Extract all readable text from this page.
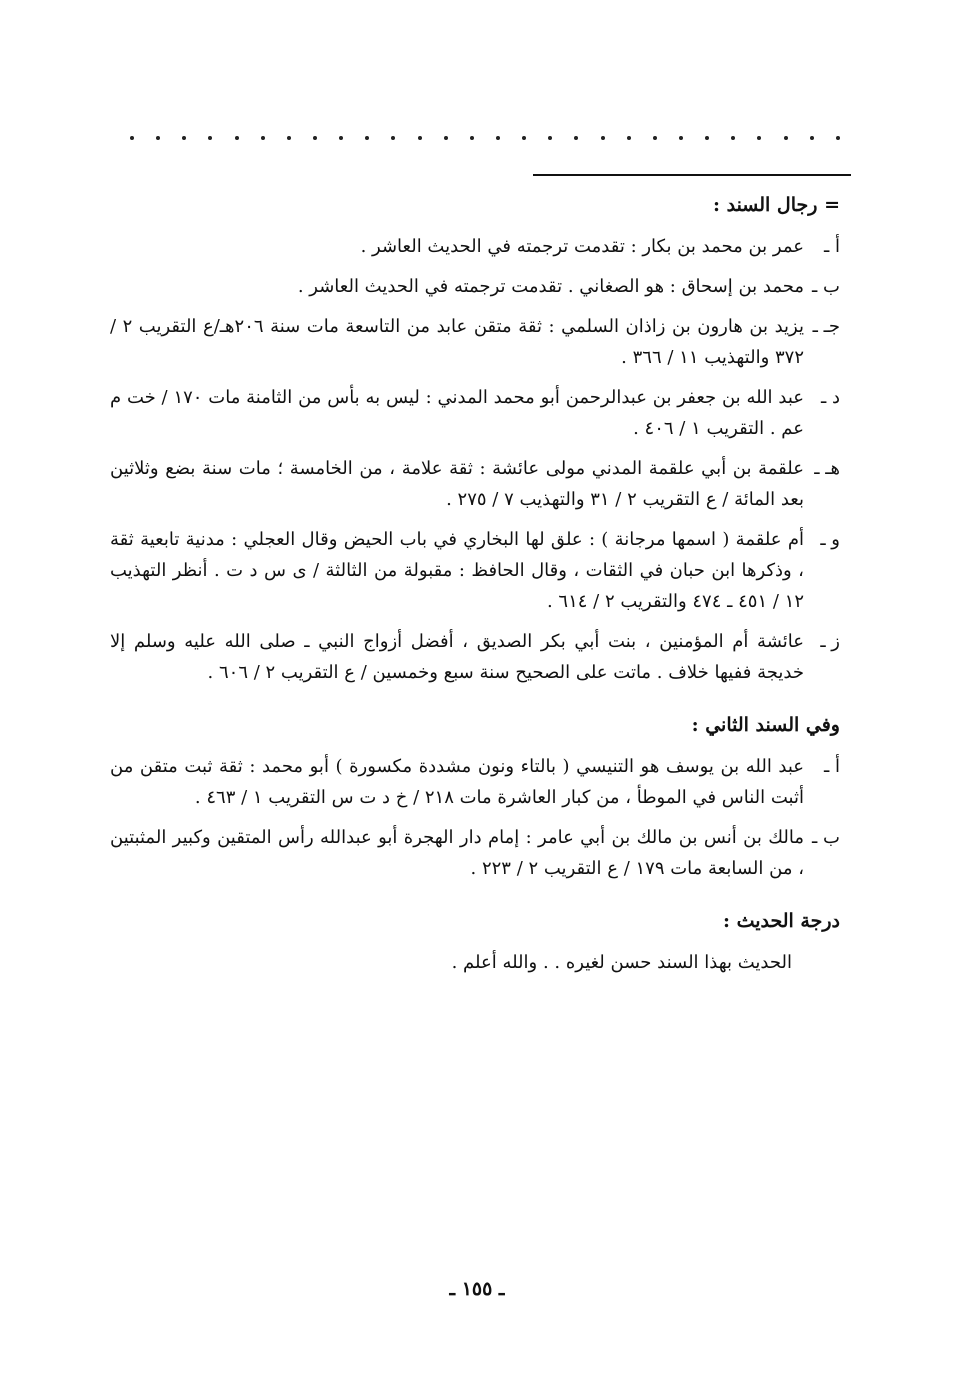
= رجال السند :
أ ـ
عمر بن محمد بن بكار : تقدمت ترجمته في الحديث العاشر .
ب ـ
محمد بن إسحاق : هو الصغاني . تقدمت ترجمته في الحديث العاشر .
جـ ـ
يزيد بن هارون بن زاذان السلمي : ثقة متقن عابد من التاسعة مات سنة ٢٠٦هـ/ع التقريب ٢ / ٣٧٢ والتهذيب ١١ / ٣٦٦ .
د ـ
عبد الله بن جعفر بن عبدالرحمن أبو محمد المدني : ليس به بأس من الثامنة مات ١٧٠ / خت م عم . التقريب ١ / ٤٠٦ .
هـ ـ
علقمة بن أبي علقمة المدني مولى عائشة : ثقة علامة ، من الخامسة ؛ مات سنة بضع وثلاثين بعد المائة / ع التقريب ٢ / ٣١ والتهذيب ٧ / ٢٧٥ .
و ـ
أم علقمة ( اسمها مرجانة ) : علق لها البخاري في باب الحيض وقال العجلي : مدنية تابعية ثقة ، وذكرها ابن حبان في الثقات ، وقال الحافظ : مقبولة من الثالثة / ى س د ت . أنظر التهذيب ١٢ / ٤٥١ ـ ٤٧٤ والتقريب ٢ / ٦١٤ .
ز ـ
عائشة أم المؤمنين ، بنت أبي بكر الصديق ، أفضل أزواج النبي ـ صلى الله عليه وسلم إلا خديجة ففيها خلاف . ماتت على الصحيح سنة سبع وخمسين / ع التقريب ٢ / ٦٠٦ .
وفي السند الثاني :
أ ـ
عبد الله بن يوسف هو التنيسي ( بالتاء ونون مشددة مكسورة ) أبو محمد : ثقة ثبت متقن من أثبت الناس في الموطأ ، من كبار العاشرة مات ٢١٨ / خ د ت س التقريب ١ / ٤٦٣ .
ب ـ
مالك بن أنس بن مالك بن أبي عامر : إمام دار الهجرة أبو عبدالله رأس المتقين وكبير المثبتين ، من السابعة مات ١٧٩ / ع التقريب ٢ / ٢٢٣ .
درجة الحديث :
الحديث بهذا السند حسن لغيره . . والله أعلم .
ـ ١٥٥ ـ
